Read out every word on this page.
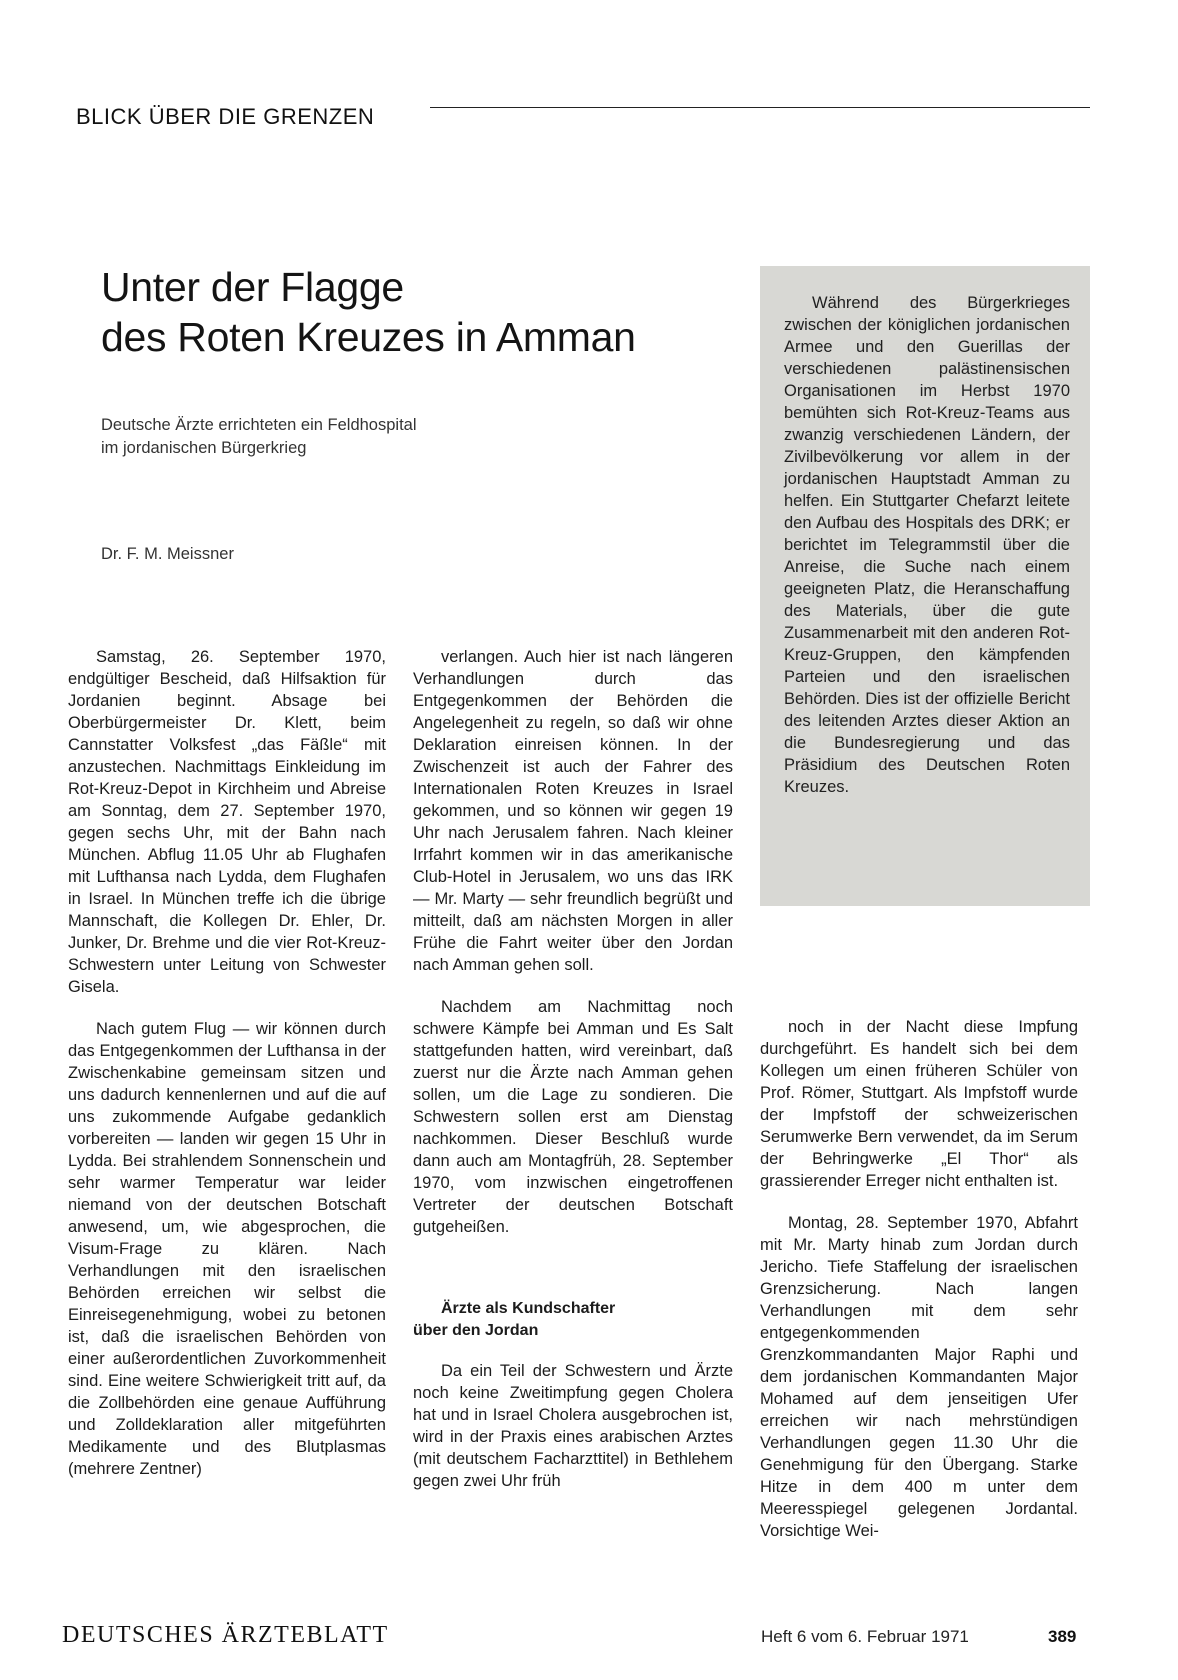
BLICK ÜBER DIE GRENZEN
Unter der Flagge
des Roten Kreuzes in Amman
Deutsche Ärzte errichteten ein Feldhospital
im jordanischen Bürgerkrieg
Dr. F. M. Meissner

Während des Bürgerkrieges zwischen der königlichen jordanischen Armee und den Guerillas der verschiedenen palästinensischen Organisationen im Herbst 1970 bemühten sich Rot-Kreuz-Teams aus zwanzig verschiedenen Ländern, der Zivilbevölkerung vor allem in der jordanischen Hauptstadt Amman zu helfen. Ein Stuttgarter Chefarzt leitete den Aufbau des Hospitals des DRK; er berichtet im Telegrammstil über die Anreise, die Suche nach einem geeigneten Platz, die Heranschaffung des Materials, über die gute Zusammenarbeit mit den anderen Rot-Kreuz-Gruppen, den kämpfenden Parteien und den israelischen Behörden. Dies ist der offizielle Bericht des leitenden Arztes dieser Aktion an die Bundesregierung und das Präsidium des Deutschen Roten Kreuzes.

Samstag, 26. September 1970, endgültiger Bescheid, daß Hilfsaktion für Jordanien beginnt. Absage bei Oberbürgermeister Dr. Klett, beim Cannstatter Volksfest „das Fäßle“ mit anzustechen. Nachmittags Einkleidung im Rot-Kreuz-Depot in Kirchheim und Abreise am Sonntag, dem 27. September 1970, gegen sechs Uhr, mit der Bahn nach München. Abflug 11.05 Uhr ab Flughafen mit Lufthansa nach Lydda, dem Flughafen in Israel. In München treffe ich die übrige Mannschaft, die Kollegen Dr. Ehler, Dr. Junker, Dr. Brehme und die vier Rot-Kreuz-Schwestern unter Leitung von Schwester Gisela.

Nach gutem Flug — wir können durch das Entgegenkommen der Lufthansa in der Zwischenkabine gemeinsam sitzen und uns dadurch kennenlernen und auf die auf uns zukommende Aufgabe gedanklich vorbereiten — landen wir gegen 15 Uhr in Lydda. Bei strahlendem Sonnenschein und sehr warmer Temperatur war leider niemand von der deutschen Botschaft anwesend, um, wie abgesprochen, die Visum-Frage zu klären. Nach Verhandlungen mit den israelischen Behörden erreichen wir selbst die Einreisegenehmigung, wobei zu betonen ist, daß die israelischen Behörden von einer außerordentlichen Zuvorkommenheit sind. Eine weitere Schwierigkeit tritt auf, da die Zollbehörden eine genaue Aufführung und Zolldeklaration aller mitgeführten Medikamente und des Blutplasmas (mehrere Zentner)

verlangen. Auch hier ist nach längeren Verhandlungen durch das Entgegenkommen der Behörden die Angelegenheit zu regeln, so daß wir ohne Deklaration einreisen können. In der Zwischenzeit ist auch der Fahrer des Internationalen Roten Kreuzes in Israel gekommen, und so können wir gegen 19 Uhr nach Jerusalem fahren. Nach kleiner Irrfahrt kommen wir in das amerikanische Club-Hotel in Jerusalem, wo uns das IRK — Mr. Marty — sehr freundlich begrüßt und mitteilt, daß am nächsten Morgen in aller Frühe die Fahrt weiter über den Jordan nach Amman gehen soll.

Nachdem am Nachmittag noch schwere Kämpfe bei Amman und Es Salt stattgefunden hatten, wird vereinbart, daß zuerst nur die Ärzte nach Amman gehen sollen, um die Lage zu sondieren. Die Schwestern sollen erst am Dienstag nachkommen. Dieser Beschluß wurde dann auch am Montagfrüh, 28. September 1970, vom inzwischen eingetroffenen Vertreter der deutschen Botschaft gutgeheißen.

Ärzte als Kundschafter
über den Jordan

Da ein Teil der Schwestern und Ärzte noch keine Zweitimpfung gegen Cholera hat und in Israel Cholera ausgebrochen ist, wird in der Praxis eines arabischen Arztes (mit deutschem Facharzttitel) in Bethlehem gegen zwei Uhr früh

noch in der Nacht diese Impfung durchgeführt. Es handelt sich bei dem Kollegen um einen früheren Schüler von Prof. Römer, Stuttgart. Als Impfstoff wurde der Impfstoff der schweizerischen Serumwerke Bern verwendet, da im Serum der Behringwerke „El Thor“ als grassierender Erreger nicht enthalten ist.

Montag, 28. September 1970, Abfahrt mit Mr. Marty hinab zum Jordan durch Jericho. Tiefe Staffelung der israelischen Grenzsicherung. Nach langen Verhandlungen mit dem sehr entgegenkommenden Grenzkommandanten Major Raphi und dem jordanischen Kommandanten Major Mohamed auf dem jenseitigen Ufer erreichen wir nach mehrstündigen Verhandlungen gegen 11.30 Uhr die Genehmigung für den Übergang. Starke Hitze in dem 400 m unter dem Meeresspiegel gelegenen Jordantal. Vorsichtige Wei-

DEUTSCHES ÄRZTEBLATT	Heft 6 vom 6. Februar 1971	389
